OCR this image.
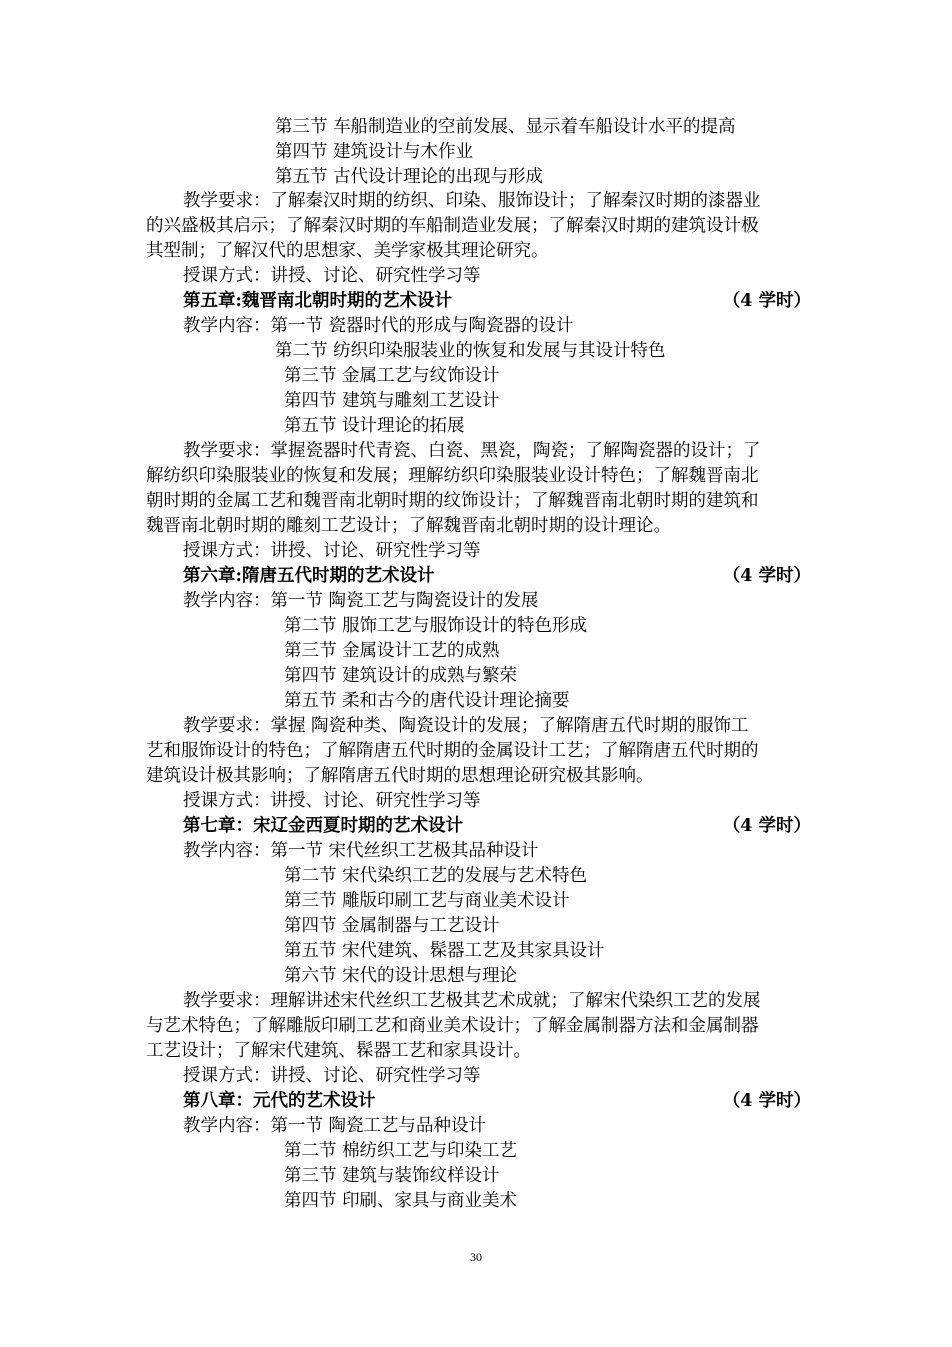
第三节 车船制造业的空前发展、显示着车船设计水平的提高
第四节 建筑设计与木作业
第五节 古代设计理论的出现与形成
教学要求：了解秦汉时期的纺织、印染、服饰设计；了解秦汉时期的漆器业
的兴盛极其启示；了解秦汉时期的车船制造业发展；了解秦汉时期的建筑设计极
其型制；了解汉代的思想家、美学家极其理论研究。
授课方式：讲授、讨论、研究性学习等
第五章:魏晋南北朝时期的艺术设计	（4 学时）
教学内容：第一节 瓷器时代的形成与陶瓷器的设计
第二节 纺织印染服装业的恢复和发展与其设计特色
第三节 金属工艺与纹饰设计
第四节 建筑与雕刻工艺设计
第五节 设计理论的拓展
教学要求：掌握瓷器时代青瓷、白瓷、黑瓷，陶瓷；了解陶瓷器的设计；了
解纺织印染服装业的恢复和发展；理解纺织印染服装业设计特色；了解魏晋南北
朝时期的金属工艺和魏晋南北朝时期的纹饰设计；了解魏晋南北朝时期的建筑和
魏晋南北朝时期的雕刻工艺设计；了解魏晋南北朝时期的设计理论。
授课方式：讲授、讨论、研究性学习等
第六章:隋唐五代时期的艺术设计	（4 学时）
教学内容：第一节 陶瓷工艺与陶瓷设计的发展
第二节 服饰工艺与服饰设计的特色形成
第三节 金属设计工艺的成熟
第四节 建筑设计的成熟与繁荣
第五节 柔和古今的唐代设计理论摘要
教学要求：掌握 陶瓷种类、陶瓷设计的发展；了解隋唐五代时期的服饰工
艺和服饰设计的特色；了解隋唐五代时期的金属设计工艺；了解隋唐五代时期的
建筑设计极其影响；了解隋唐五代时期的思想理论研究极其影响。
授课方式：讲授、讨论、研究性学习等
第七章：宋辽金西夏时期的艺术设计	（4 学时）
教学内容：第一节 宋代丝织工艺极其品种设计
第二节 宋代染织工艺的发展与艺术特色
第三节 雕版印刷工艺与商业美术设计
第四节 金属制器与工艺设计
第五节 宋代建筑、髹器工艺及其家具设计
第六节 宋代的设计思想与理论
教学要求：理解讲述宋代丝织工艺极其艺术成就；了解宋代染织工艺的发展
与艺术特色；了解雕版印刷工艺和商业美术设计；了解金属制器方法和金属制器
工艺设计；了解宋代建筑、髹器工艺和家具设计。
授课方式：讲授、讨论、研究性学习等
第八章：元代的艺术设计	（4 学时）
教学内容：第一节 陶瓷工艺与品种设计
第二节 棉纺织工艺与印染工艺
第三节 建筑与装饰纹样设计
第四节 印刷、家具与商业美术
30
